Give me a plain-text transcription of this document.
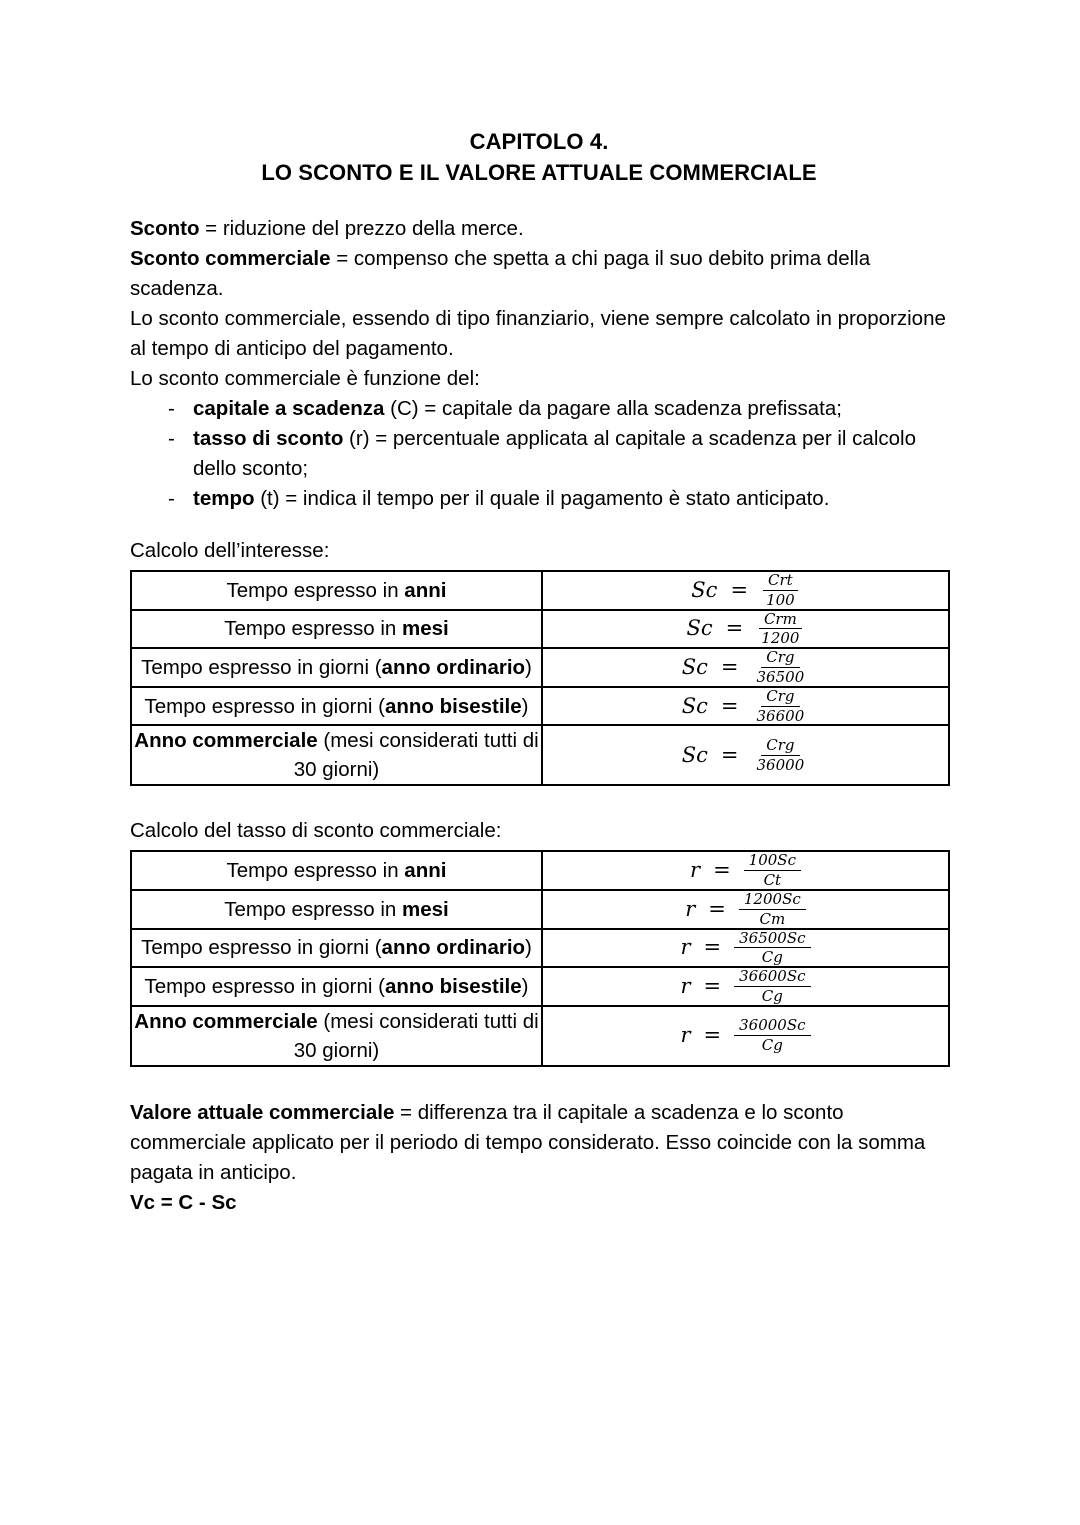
CAPITOLO 4.
LO SCONTO E IL VALORE ATTUALE COMMERCIALE
Sconto = riduzione del prezzo della merce.
Sconto commerciale = compenso che spetta a chi paga il suo debito prima della scadenza.
Lo sconto commerciale, essendo di tipo finanziario, viene sempre calcolato in proporzione al tempo di anticipo del pagamento.
Lo sconto commerciale è funzione del:
- capitale a scadenza (C) = capitale da pagare alla scadenza prefissata;
- tasso di sconto (r) = percentuale applicata al capitale a scadenza per il calcolo dello sconto;
- tempo (t) = indica il tempo per il quale il pagamento è stato anticipato.
Calcolo dell’interesse:
Tempo espresso in anni	$Sc = \frac{\text{Crt}}{100}$

Tempo espresso in mesi	$Sc = \frac{\text{Crm}}{1200}$

Tempo espresso in giorni (anno ordinario)	$Sc = \frac{\text{Crg}}{36500}$

Tempo espresso in giorni (anno bisestile)	$Sc = \frac{\text{Crg}}{36600}$

Anno commerciale (mesi considerati tutti di 30 giorni)	$Sc = \frac{\text{Crg}}{36000}$
Calcolo del tasso di sconto commerciale:
Tempo espresso in anni	$r = \frac{100Sc}{Ct}$

Tempo espresso in mesi	$r = \frac{1200Sc}{Cm}$

Tempo espresso in giorni (anno ordinario)	$r = \frac{36500Sc}{Cg}$

Tempo espresso in giorni (anno bisestile)	$r = \frac{36600Sc}{Cg}$

Anno commerciale (mesi considerati tutti di 30 giorni)	$r = \frac{36000Sc}{Cg}$
Valore attuale commerciale = differenza tra il capitale a scadenza e lo sconto commerciale applicato per il periodo di tempo considerato. Esso coincide con la somma pagata in anticipo.
Vc = C - Sc
